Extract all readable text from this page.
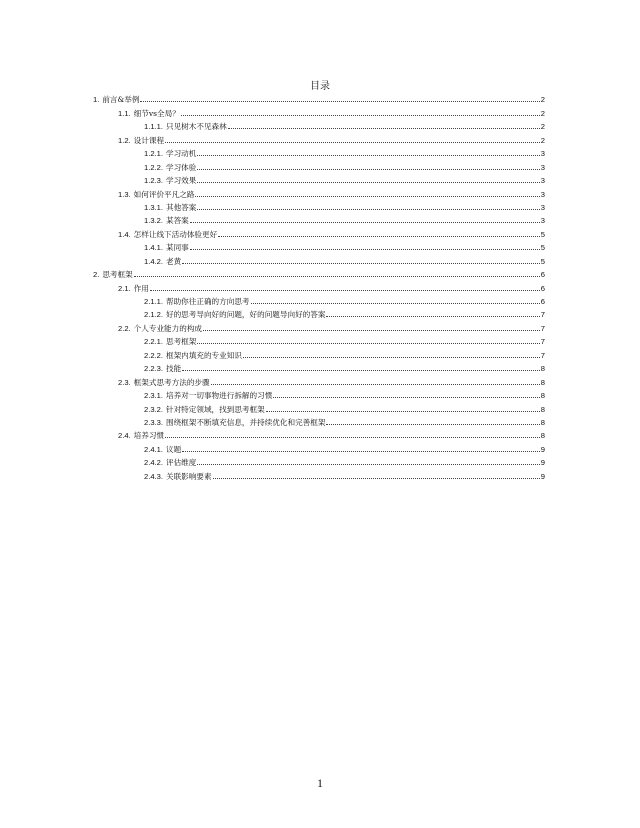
目录
1. 前言&举例	2
1.1. 细节vs全局？	2
1.1.1. 只见树木不见森林	2
1.2. 设计课程	2
1.2.1. 学习动机	3
1.2.2. 学习体验	3
1.2.3. 学习效果	3
1.3. 如何评价平凡之路	3
1.3.1. 其他答案	3
1.3.2. 某答案	3
1.4. 怎样让线下活动体验更好	5
1.4.1. 某同事	5
1.4.2. 老黄	5
2. 思考框架	6
2.1. 作用	6
2.1.1. 帮助你往正确的方向思考	6
2.1.2. 好的思考导向好的问题，好的问题导向好的答案	7
2.2. 个人专业能力的构成	7
2.2.1. 思考框架	7
2.2.2. 框架内填充的专业知识	7
2.2.3. 技能	8
2.3. 框架式思考方法的步骤	8
2.3.1. 培养对一切事物进行拆解的习惯	8
2.3.2. 针对特定领域，找到思考框架	8
2.3.3. 围绕框架不断填充信息，并持续优化和完善框架	8
2.4. 培养习惯	8
2.4.1. 议题	9
2.4.2. 评估维度	9
2.4.3. 关联影响要素	9
1
